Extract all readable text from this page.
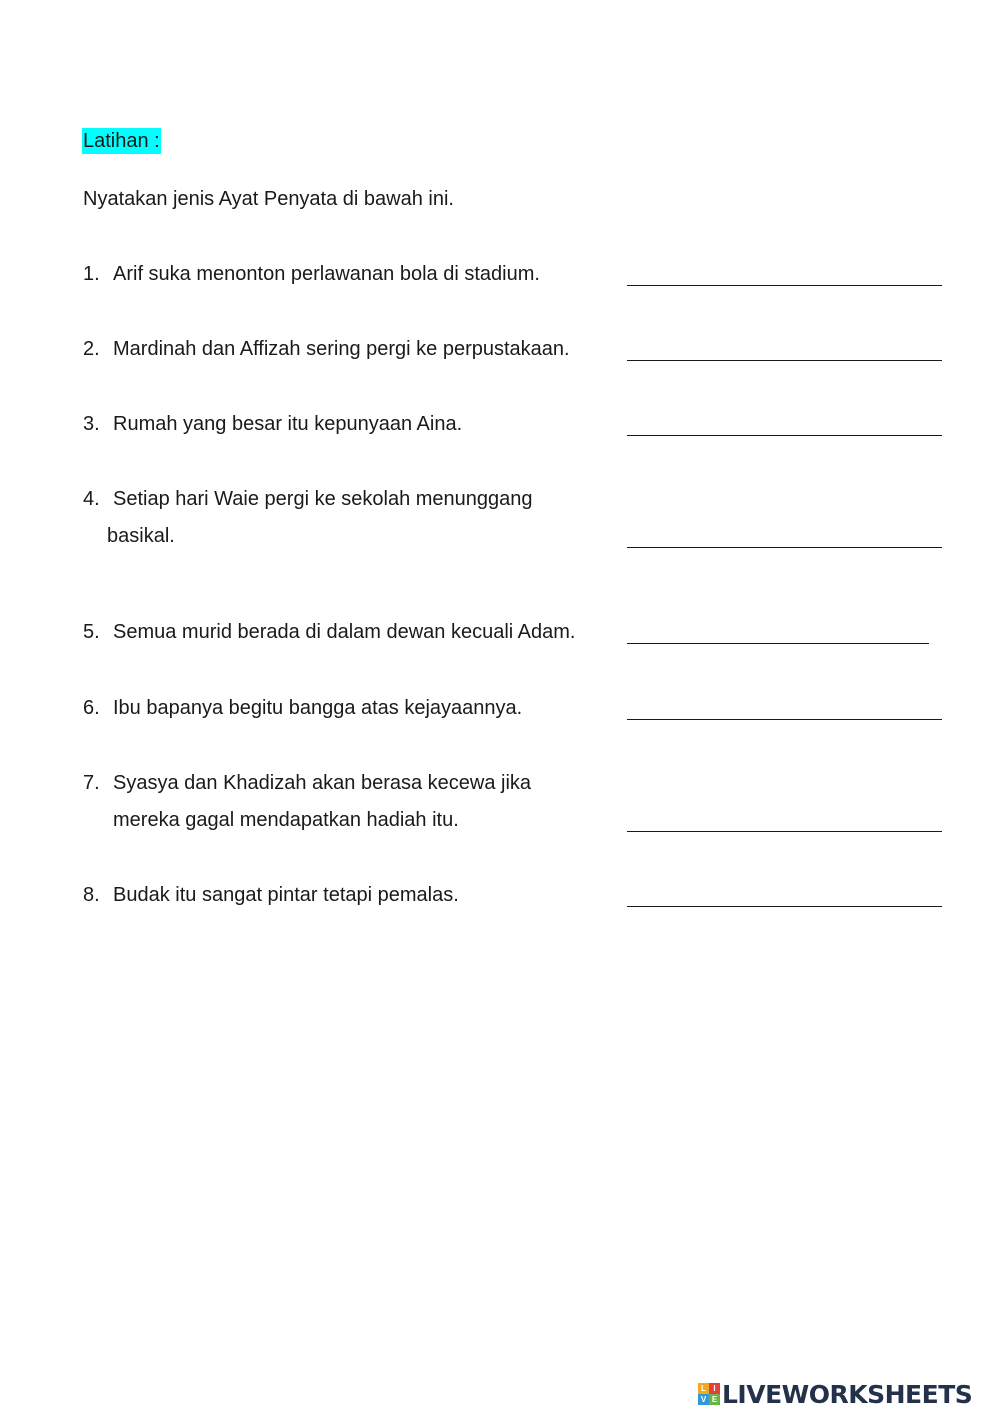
Latihan :
Nyatakan jenis Ayat Penyata di bawah ini.
1. Arif suka menonton perlawanan bola di stadium.
2. Mardinah dan Affizah sering pergi ke perpustakaan.
3. Rumah yang besar itu kepunyaan Aina.
4. Setiap hari Waie pergi ke sekolah menunggang
basikal.
5. Semua murid berada di dalam dewan kecuali Adam.
6. Ibu bapanya begitu bangga atas kejayaannya.
7. Syasya dan Khadizah akan berasa kecewa jika
mereka gagal mendapatkan hadiah itu.
8. Budak itu sangat pintar tetapi pemalas.
L I
V E LIVEWORKSHEETS
